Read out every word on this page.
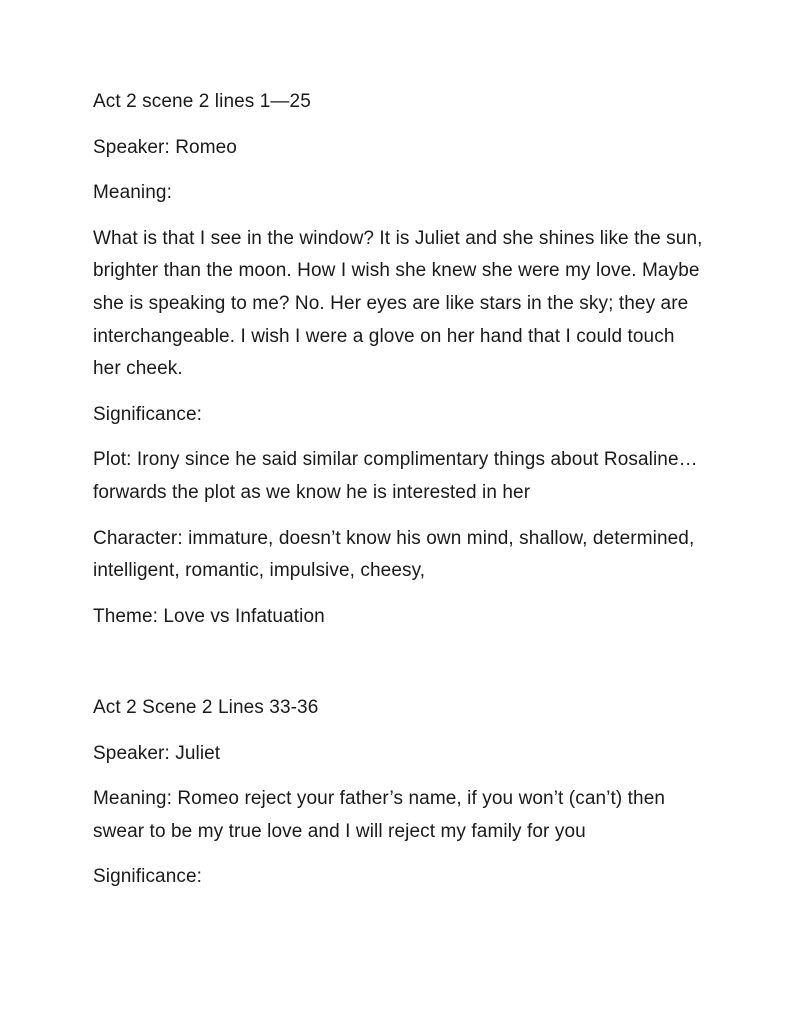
Act 2 scene 2 lines 1—25

Speaker: Romeo

Meaning:

What is that I see in the window? It is Juliet and she shines like the sun, brighter than the moon. How I wish she knew she were my love. Maybe she is speaking to me? No. Her eyes are like stars in the sky; they are interchangeable. I wish I were a glove on her hand that I could touch her cheek.

Significance:

Plot: Irony since he said similar complimentary things about Rosaline…forwards the plot as we know he is interested in her

Character: immature, doesn’t know his own mind, shallow, determined, intelligent, romantic, impulsive, cheesy,

Theme: Love vs Infatuation

Act 2 Scene 2 Lines 33-36

Speaker: Juliet

Meaning: Romeo reject your father’s name, if you won’t (can’t) then swear to be my true love and I will reject my family for you

Significance:
